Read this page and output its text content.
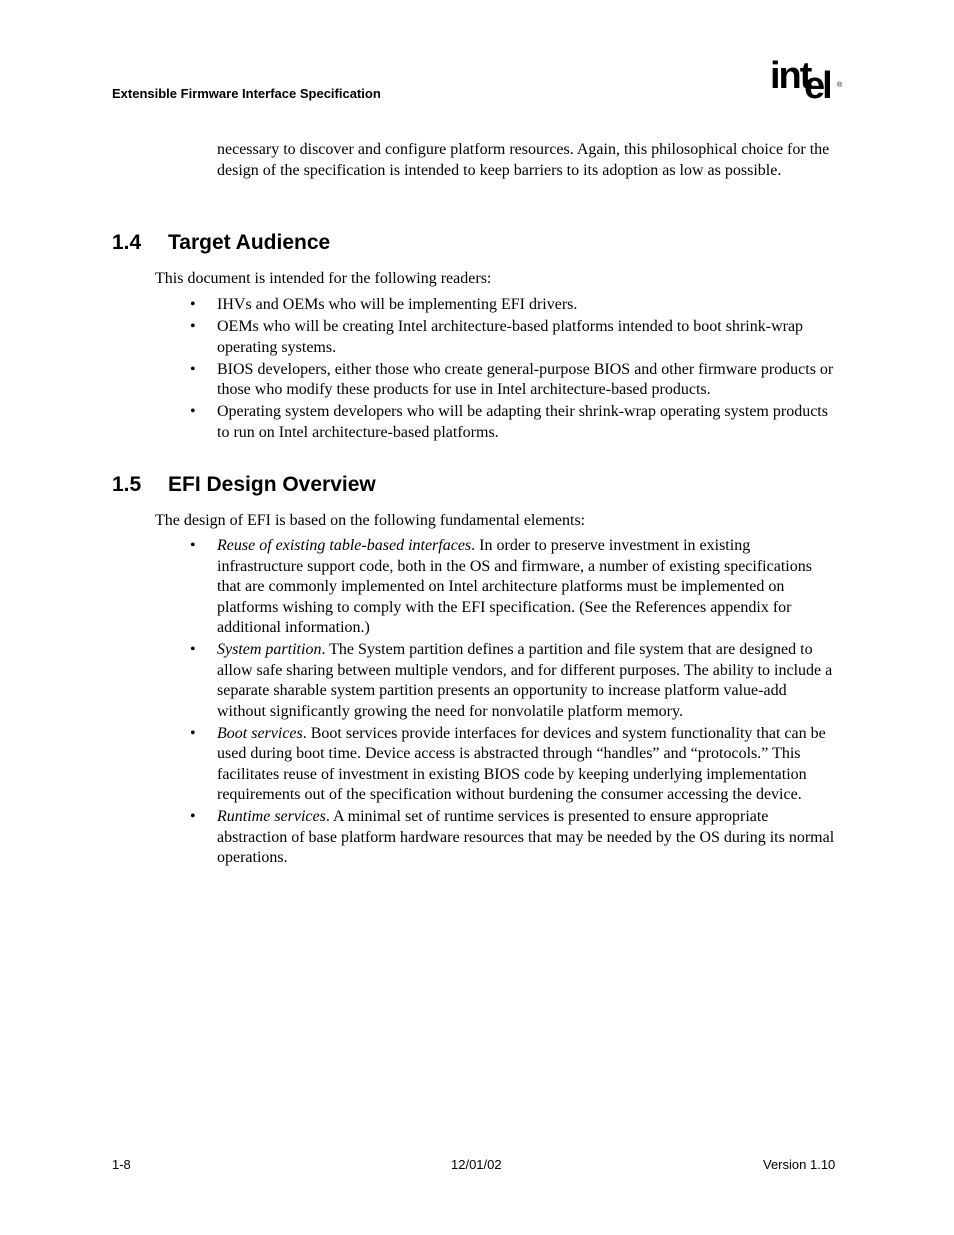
Extensible Firmware Interface Specification	int
el ®

necessary to discover and configure platform resources. Again, this philosophical choice for the design of the specification is intended to keep barriers to its adoption as low as possible.

1.4 Target Audience

This document is intended for the following readers:

• IHVs and OEMs who will be implementing EFI drivers.
• OEMs who will be creating Intel architecture-based platforms intended to boot shrink-wrap operating systems.
• BIOS developers, either those who create general-purpose BIOS and other firmware products or those who modify these products for use in Intel architecture-based products.
• Operating system developers who will be adapting their shrink-wrap operating system products to run on Intel architecture-based platforms.
1.5 EFI Design Overview

The design of EFI is based on the following fundamental elements:

• Reuse of existing table-based interfaces. In order to preserve investment in existing infrastructure support code, both in the OS and firmware, a number of existing specifications that are commonly implemented on Intel architecture platforms must be implemented on platforms wishing to comply with the EFI specification. (See the References appendix for additional information.)
• System partition. The System partition defines a partition and file system that are designed to allow safe sharing between multiple vendors, and for different purposes. The ability to include a separate sharable system partition presents an opportunity to increase platform value-add without significantly growing the need for nonvolatile platform memory.
• Boot services. Boot services provide interfaces for devices and system functionality that can be used during boot time. Device access is abstracted through “handles” and “protocols.” This facilitates reuse of investment in existing BIOS code by keeping underlying implementation requirements out of the specification without burdening the consumer accessing the device.
• Runtime services. A minimal set of runtime services is presented to ensure appropriate abstraction of base platform hardware resources that may be needed by the OS during its normal operations.
1-8	12/01/02	Version 1.10
